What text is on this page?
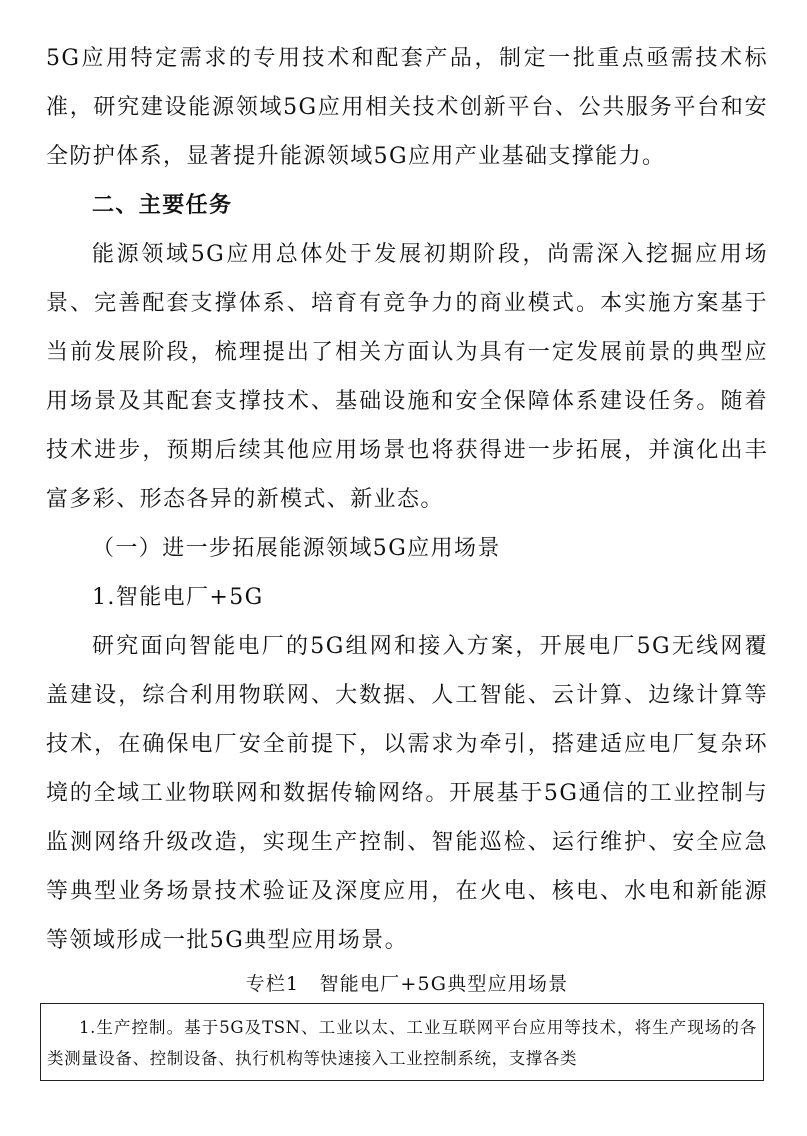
5G应用特定需求的专用技术和配套产品，制定一批重点亟需技术标准，研究建设能源领域5G应用相关技术创新平台、公共服务平台和安全防护体系，显著提升能源领域5G应用产业基础支撑能力。

二、主要任务

能源领域5G应用总体处于发展初期阶段，尚需深入挖掘应用场景、完善配套支撑体系、培育有竞争力的商业模式。本实施方案基于当前发展阶段，梳理提出了相关方面认为具有一定发展前景的典型应用场景及其配套支撑技术、基础设施和安全保障体系建设任务。随着技术进步，预期后续其他应用场景也将获得进一步拓展，并演化出丰富多彩、形态各异的新模式、新业态。

（一）进一步拓展能源领域5G应用场景

1.智能电厂+5G

研究面向智能电厂的5G组网和接入方案，开展电厂5G无线网覆盖建设，综合利用物联网、大数据、人工智能、云计算、边缘计算等技术，在确保电厂安全前提下，以需求为牵引，搭建适应电厂复杂环境的全域工业物联网和数据传输网络。开展基于5G通信的工业控制与监测网络升级改造，实现生产控制、智能巡检、运行维护、安全应急等典型业务场景技术验证及深度应用，在火电、核电、水电和新能源等领域形成一批5G典型应用场景。

专栏1　智能电厂+5G典型应用场景

1.生产控制。基于5G及TSN、工业以太、工业互联网平台应用等技术，将生产现场的各类测量设备、控制设备、执行机构等快速接入工业控制系统，支撑各类
